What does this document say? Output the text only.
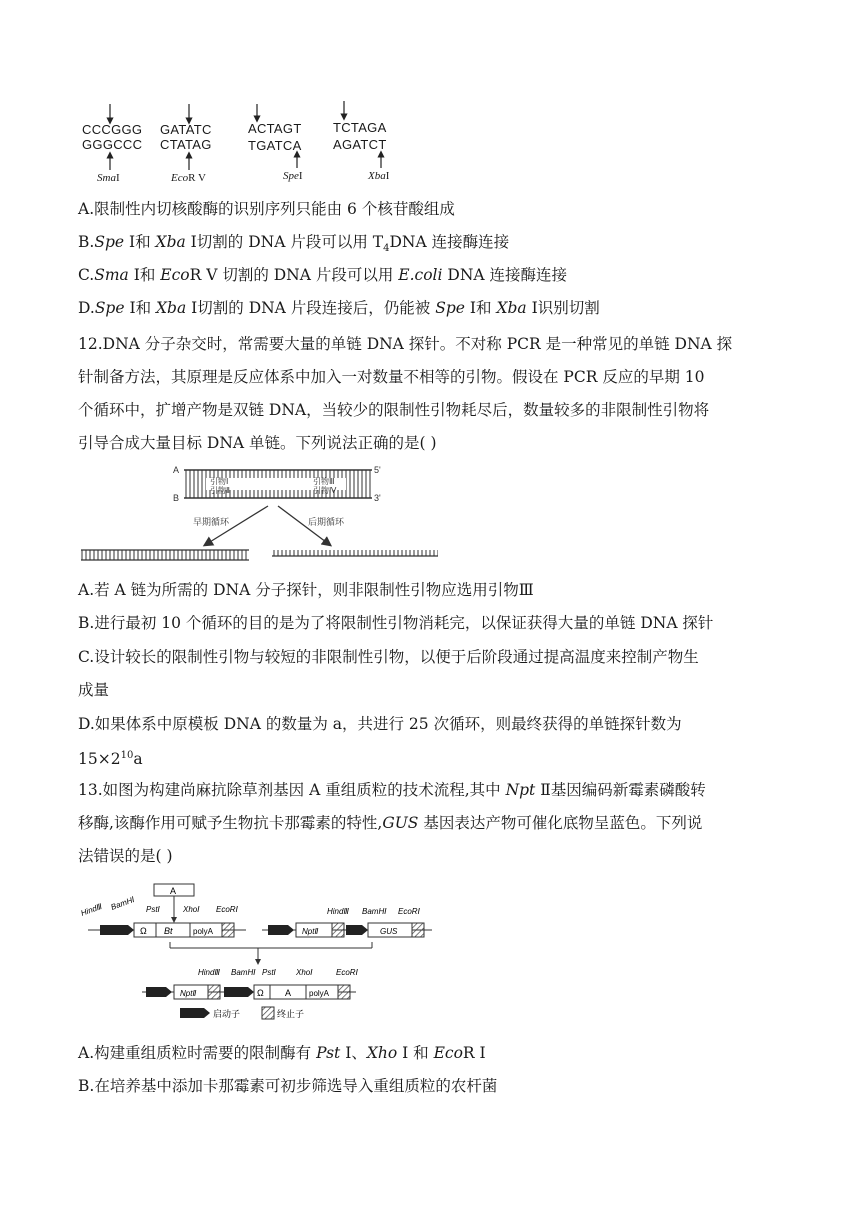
CCCGGG
GGGCCC
GATATC
CTATAG
ACTAGT
TGATCA
TCTAGA
AGATCT
SmaI	EcoR V	SpeI	XbaI
A.限制性内切核酸酶的识别序列只能由 6 个核苷酸组成
B.Spe Ⅰ和 Xba Ⅰ切割的 DNA 片段可以用 $T_4DNA$ 连接酶连接
C.Sma Ⅰ和 EcoR V 切割的 DNA 片段可以用 E.coli DNA 连接酶连接
D.Spe Ⅰ和 Xba Ⅰ切割的 DNA 片段连接后，仍能被 Spe Ⅰ和 Xba Ⅰ识别切割
12.DNA 分子杂交时，常需要大量的单链 DNA 探针。不对称 PCR 是一种常见的单链 DNA 探
针制备方法，其原理是反应体系中加入一对数量不相等的引物。假设在 PCR 反应的早期 10
个循环中，扩增产物是双链 DNA，当较少的限制性引物耗尽后，数量较多的非限制性引物将
引导合成大量目标 DNA 单链。下列说法正确的是( )
A
B
5'
3'
引物Ⅰ
引物Ⅱ
引物Ⅲ
引物Ⅳ
早期循环	后期循环
A.若 A 链为所需的 DNA 分子探针，则非限制性引物应选用引物Ⅲ
B.进行最初 10 个循环的目的是为了将限制性引物消耗完，以保证获得大量的单链 DNA 探针
C.设计较长的限制性引物与较短的非限制性引物，以便于后阶段通过提高温度来控制产物生
成量
D.如果体系中原模板 DNA 的数量为 a，共进行 25 次循环，则最终获得的单链探针数为
$15\times 2^{10}a$
13.如图为构建尚麻抗除草剂基因 A 重组质粒的技术流程,其中 Npt Ⅱ基因编码新霉素磷酸转
移酶,该酶作用可赋予生物抗卡那霉素的特性,GUS 基因表达产物可催化底物呈蓝色。下列说
法错误的是( )
A
HindⅢ BamHⅠ PstⅠ	XhoⅠ EcoRⅠ
Ω Bt	polyA
HindⅢ BamHⅠ EcoRⅠ
NptⅡ	GUS
HindⅢ BamHⅠ PstⅠ	XhoⅠ	EcoRⅠ
NptⅡ	Ω A polyA
启动子	终止子
A.构建重组质粒时需要的限制酶有 Pst I、Xho I 和 EcoR I
B.在培养基中添加卡那霉素可初步筛选导入重组质粒的农杆菌
